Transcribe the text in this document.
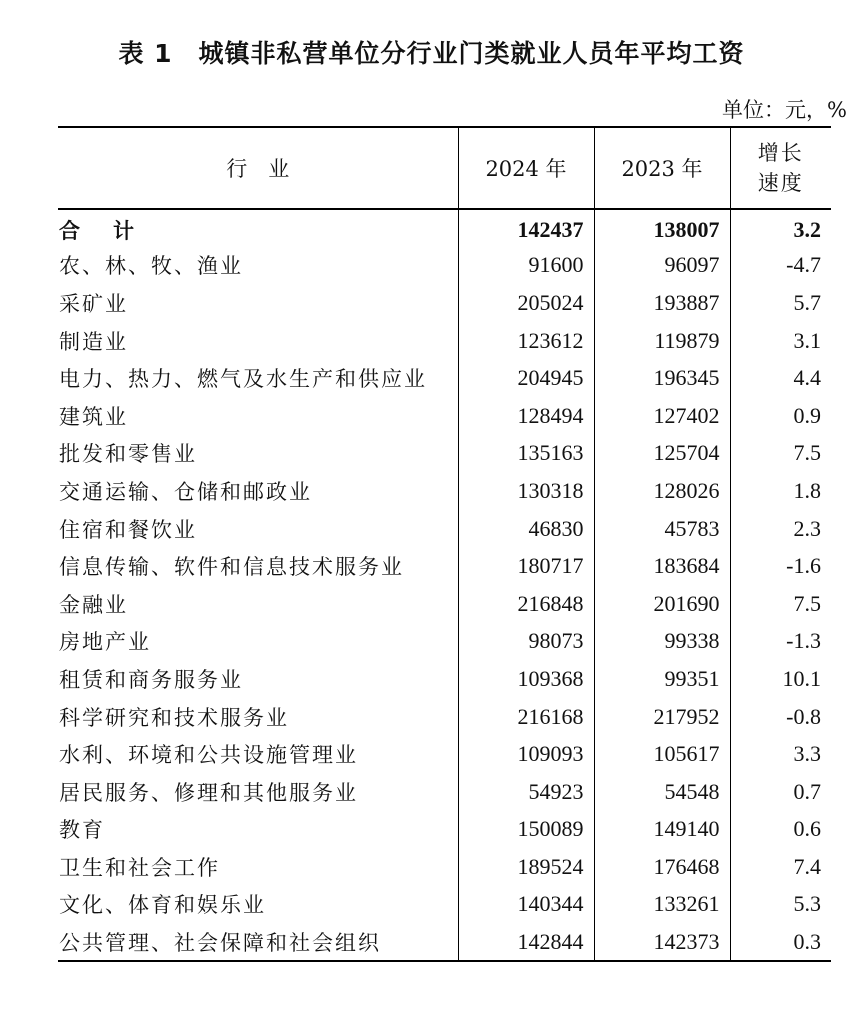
表 1　城镇非私营单位分行业门类就业人员年平均工资
单位：元，%
行　业	2024 年	2023 年	增长
速度

合　计	142437	138007	3.2
农、林、牧、渔业	91600	96097	-4.7
采矿业	205024	193887	5.7
制造业	123612	119879	3.1
电力、热力、燃气及水生产和供应业	204945	196345	4.4
建筑业	128494	127402	0.9
批发和零售业	135163	125704	7.5
交通运输、仓储和邮政业	130318	128026	1.8
住宿和餐饮业	46830	45783	2.3
信息传输、软件和信息技术服务业	180717	183684	-1.6
金融业	216848	201690	7.5
房地产业	98073	99338	-1.3
租赁和商务服务业	109368	99351	10.1
科学研究和技术服务业	216168	217952	-0.8
水利、环境和公共设施管理业	109093	105617	3.3
居民服务、修理和其他服务业	54923	54548	0.7
教育	150089	149140	0.6
卫生和社会工作	189524	176468	7.4
文化、体育和娱乐业	140344	133261	5.3
公共管理、社会保障和社会组织	142844	142373	0.3
